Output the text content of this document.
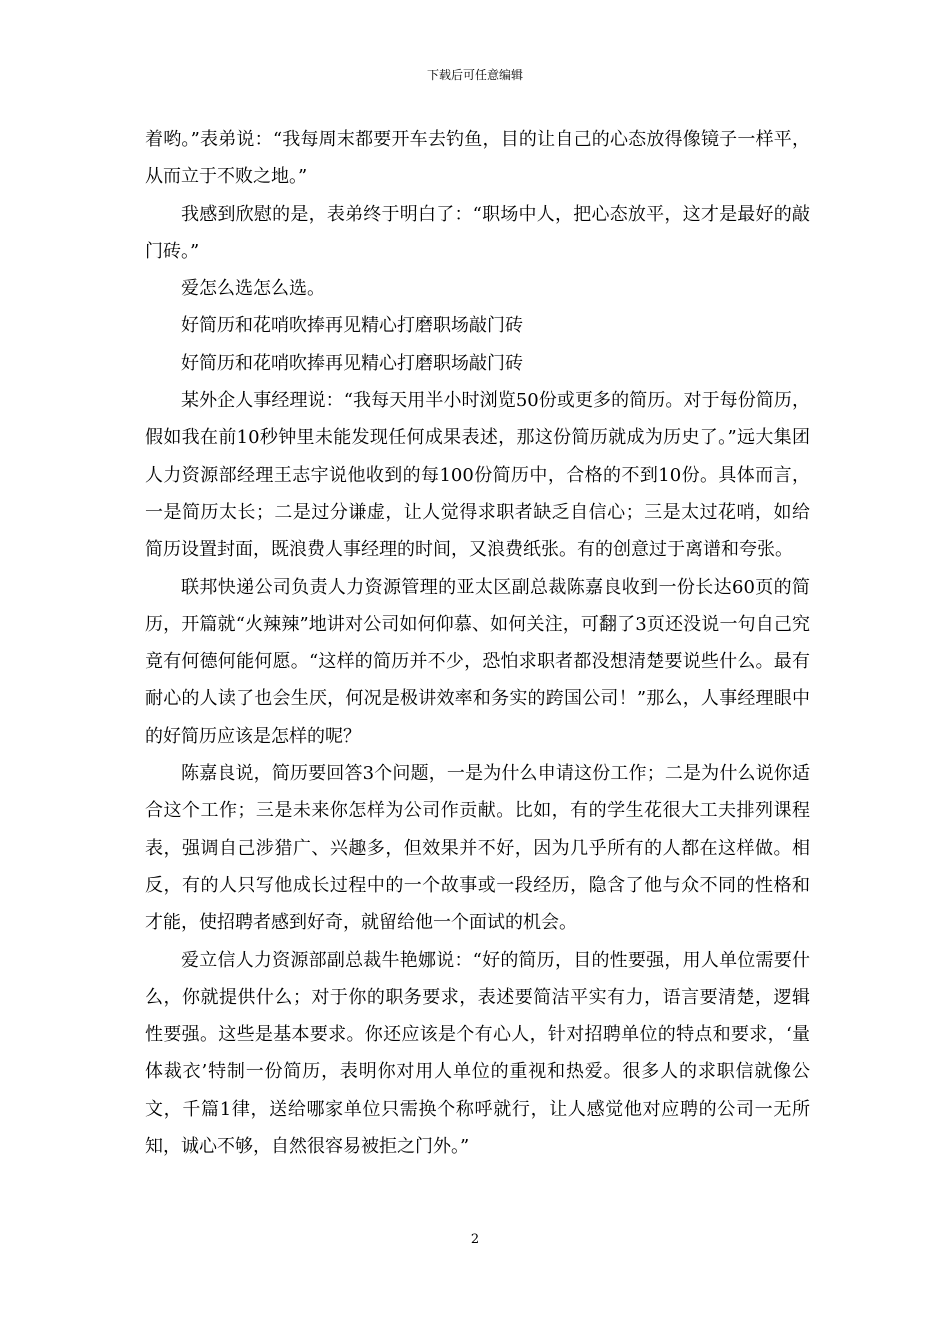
下载后可任意编辑

着哟。”表弟说：“我每周末都要开车去钓鱼，目的让自己的心态放得像镜子一样平，从而立于不败之地。”

我感到欣慰的是，表弟终于明白了：“职场中人，把心态放平，这才是最好的敲门砖。”

爱怎么选怎么选。

好简历和花哨吹捧再见精心打磨职场敲门砖

好简历和花哨吹捧再见精心打磨职场敲门砖

某外企人事经理说：“我每天用半小时浏览50份或更多的简历。对于每份简历，假如我在前10秒钟里未能发现任何成果表述，那这份简历就成为历史了。”远大集团人力资源部经理王志宇说他收到的每100份简历中，合格的不到10份。具体而言，一是简历太长；二是过分谦虚，让人觉得求职者缺乏自信心；三是太过花哨，如给简历设置封面，既浪费人事经理的时间，又浪费纸张。有的创意过于离谱和夸张。

联邦快递公司负责人力资源管理的亚太区副总裁陈嘉良收到一份长达60页的简历，开篇就“火辣辣”地讲对公司如何仰慕、如何关注，可翻了3页还没说一句自己究竟有何德何能何愿。“这样的简历并不少，恐怕求职者都没想清楚要说些什么。最有耐心的人读了也会生厌，何况是极讲效率和务实的跨国公司！”那么，人事经理眼中的好简历应该是怎样的呢？

陈嘉良说，简历要回答3个问题，一是为什么申请这份工作；二是为什么说你适合这个工作；三是未来你怎样为公司作贡献。比如，有的学生花很大工夫排列课程表，强调自己涉猎广、兴趣多，但效果并不好，因为几乎所有的人都在这样做。相反，有的人只写他成长过程中的一个故事或一段经历，隐含了他与众不同的性格和才能，使招聘者感到好奇，就留给他一个面试的机会。

爱立信人力资源部副总裁牛艳娜说：“好的简历，目的性要强，用人单位需要什么，你就提供什么；对于你的职务要求，表述要简洁平实有力，语言要清楚，逻辑性要强。这些是基本要求。你还应该是个有心人，针对招聘单位的特点和要求，‘量体裁衣’特制一份简历，表明你对用人单位的重视和热爱。很多人的求职信就像公文，千篇1律，送给哪家单位只需换个称呼就行，让人感觉他对应聘的公司一无所知，诚心不够，自然很容易被拒之门外。”

2
